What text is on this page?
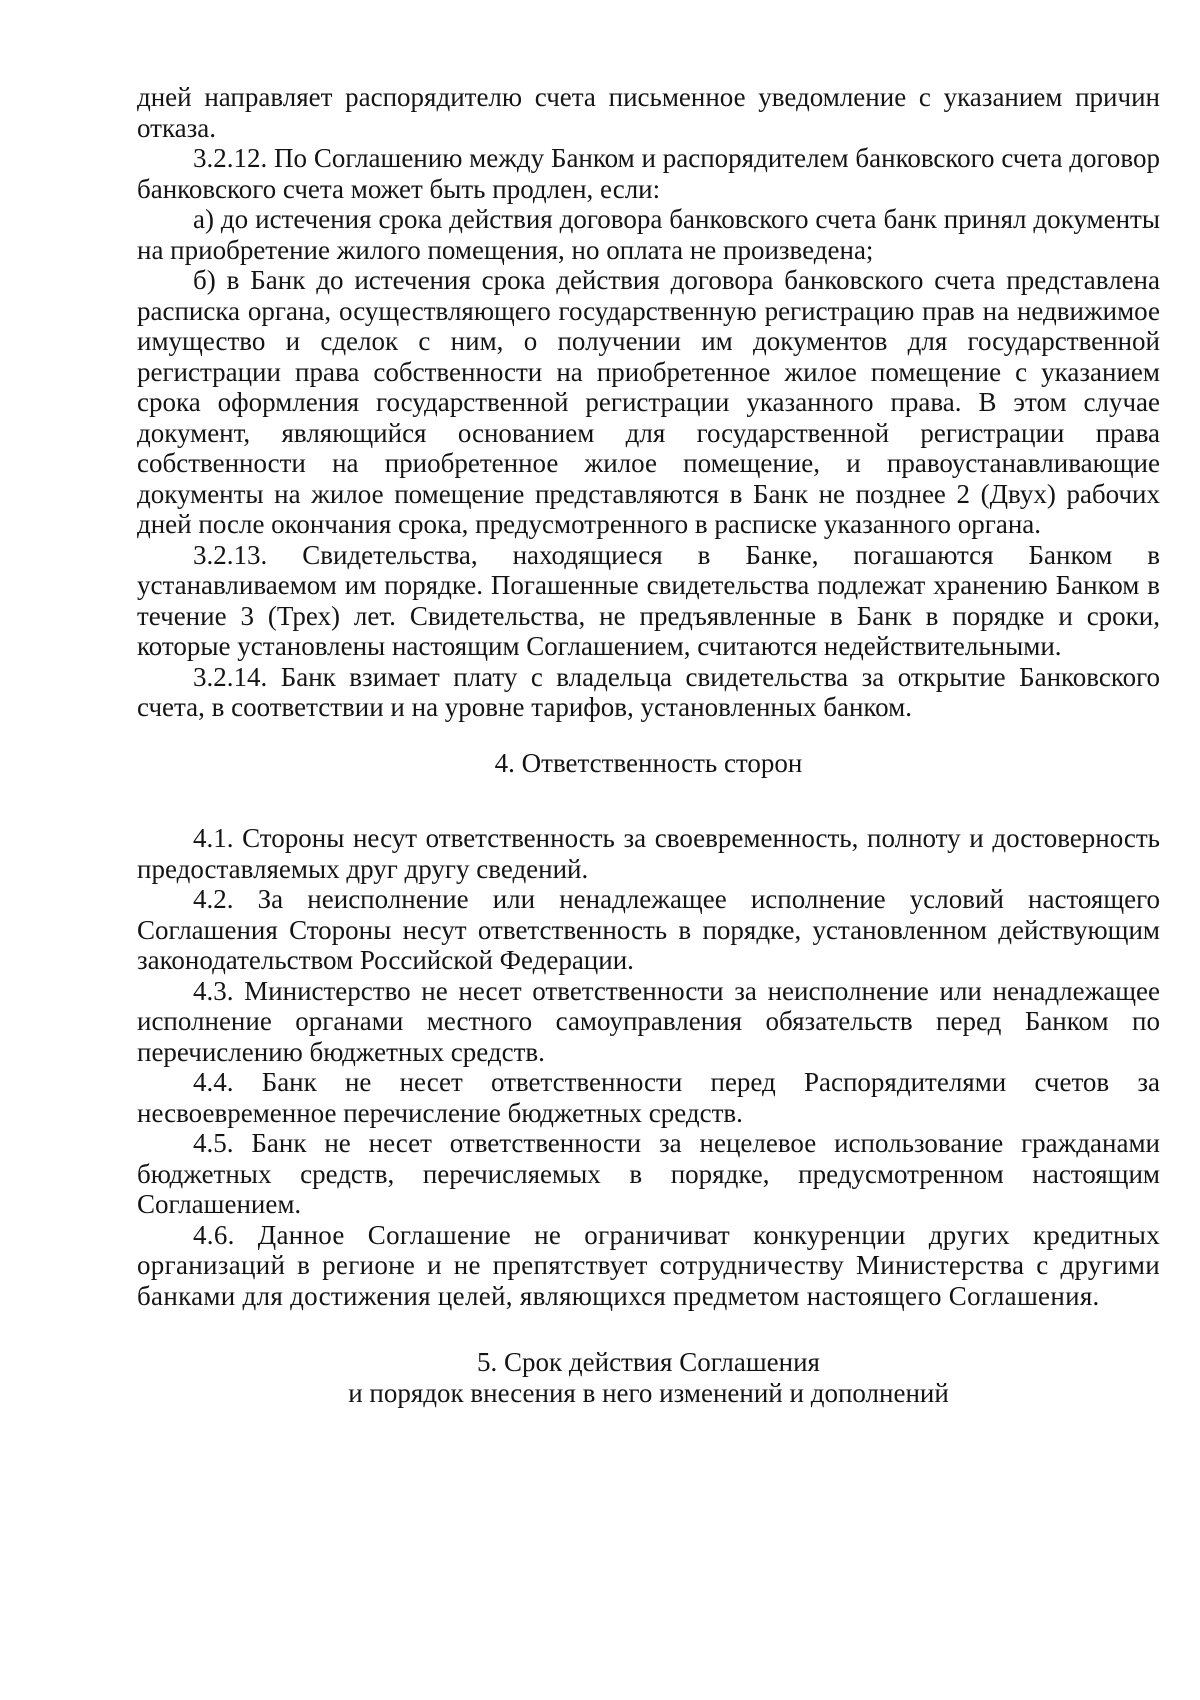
дней направляет распорядителю счета письменное уведомление с указанием причин отказа.

3.2.12. По Соглашению между Банком и распорядителем банковского счета договор банковского счета может быть продлен, если:

а) до истечения срока действия договора банковского счета банк принял документы на приобретение жилого помещения, но оплата не произведена;

б) в Банк до истечения срока действия договора банковского счета представлена расписка органа, осуществляющего государственную регистрацию прав на недвижимое имущество и сделок с ним, о получении им документов для государственной регистрации права собственности на приобретенное жилое помещение с указанием срока оформления государственной регистрации указанного права. В этом случае документ, являющийся основанием для государственной регистрации права собственности на приобретенное жилое помещение, и правоустанавливающие документы на жилое помещение представляются в Банк не позднее 2 (Двух) рабочих дней после окончания срока, предусмотренного в расписке указанного органа.

3.2.13. Свидетельства, находящиеся в Банке, погашаются Банком в устанавливаемом им порядке. Погашенные свидетельства подлежат хранению Банком в течение 3 (Трех) лет. Свидетельства, не предъявленные в Банк в порядке и сроки, которые установлены настоящим Соглашением, считаются недействительными.

3.2.14. Банк взимает плату с владельца свидетельства за открытие Банковского счета, в соответствии и на уровне тарифов, установленных банком.

4. Ответственность сторон

4.1. Стороны несут ответственность за своевременность, полноту и достоверность предоставляемых друг другу сведений.

4.2. За неисполнение или ненадлежащее исполнение условий настоящего Соглашения Стороны несут ответственность в порядке, установленном действующим законодательством Российской Федерации.

4.3. Министерство не несет ответственности за неисполнение или ненадлежащее исполнение органами местного самоуправления обязательств перед Банком по перечислению бюджетных средств.

4.4. Банк не несет ответственности перед Распорядителями счетов за несвоевременное перечисление бюджетных средств.

4.5. Банк не несет ответственности за нецелевое использование гражданами бюджетных средств, перечисляемых в порядке, предусмотренном настоящим Соглашением.

4.6. Данное Соглашение не ограничиват конкуренции других кредитных организаций в регионе и не препятствует сотрудничеству Министерства с другими банками для достижения целей, являющихся предметом настоящего Соглашения.

5. Срок действия Соглашения
и порядок внесения в него изменений и дополнений
